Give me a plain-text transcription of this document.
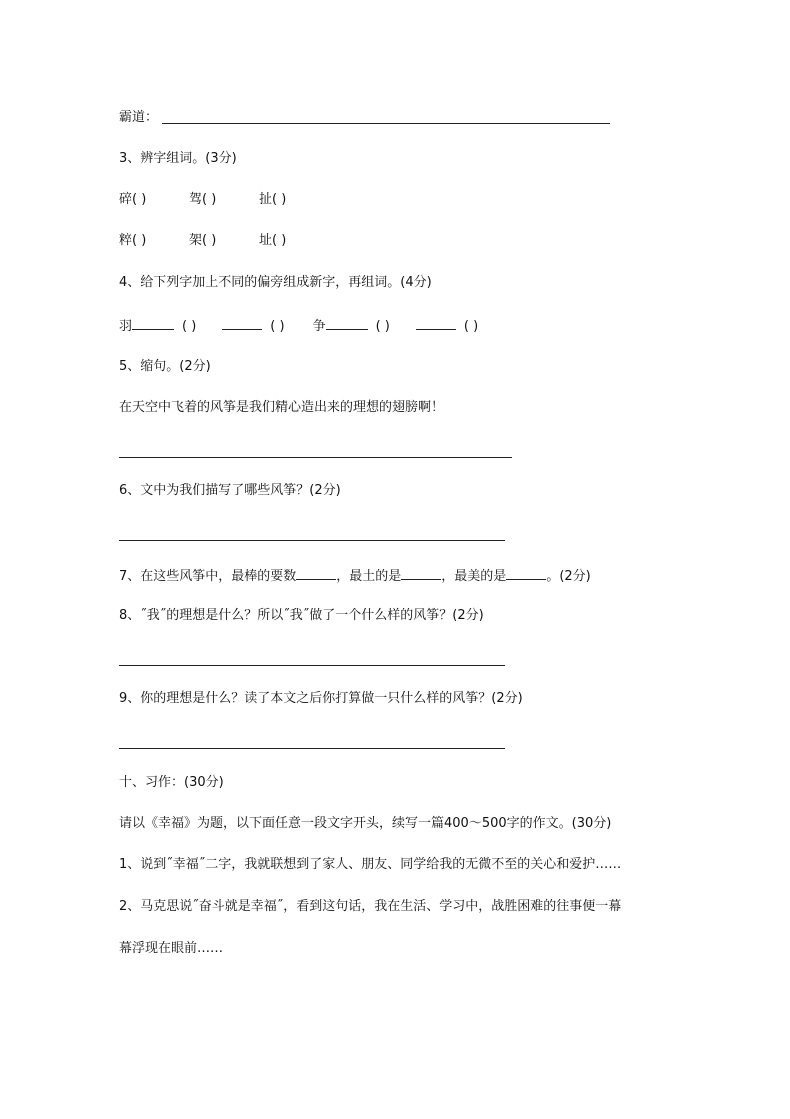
霸道：
3、辨字组词。(3分)
碎( )	驾( )	扯( )
粹( )	架( )	址( )
4、给下列字加上不同的偏旁组成新字，再组词。(4分)
羽	( )	( ) 争	( )	( )
5、缩句。(2分)
在天空中飞着的风筝是我们精心造出来的理想的翅膀啊！
6、文中为我们描写了哪些风筝？(2分)
7、在这些风筝中，最棒的要数	，最土的是	，最美的是	。(2分)
8、˝我˝的理想是什么？所以˝我˝做了一个什么样的风筝？(2分)
9、你的理想是什么？读了本文之后你打算做一只什么样的风筝？(2分)
十、习作：(30分)
请以《幸福》为题，以下面任意一段文字开头，续写一篇400～500字的作文。(30分)
1、说到˝幸福˝二字，我就联想到了家人、朋友、同学给我的无微不至的关心和爱护……
2、马克思说˝奋斗就是幸福˝，看到这句话，我在生活、学习中，战胜困难的往事便一幕
幕浮现在眼前……
